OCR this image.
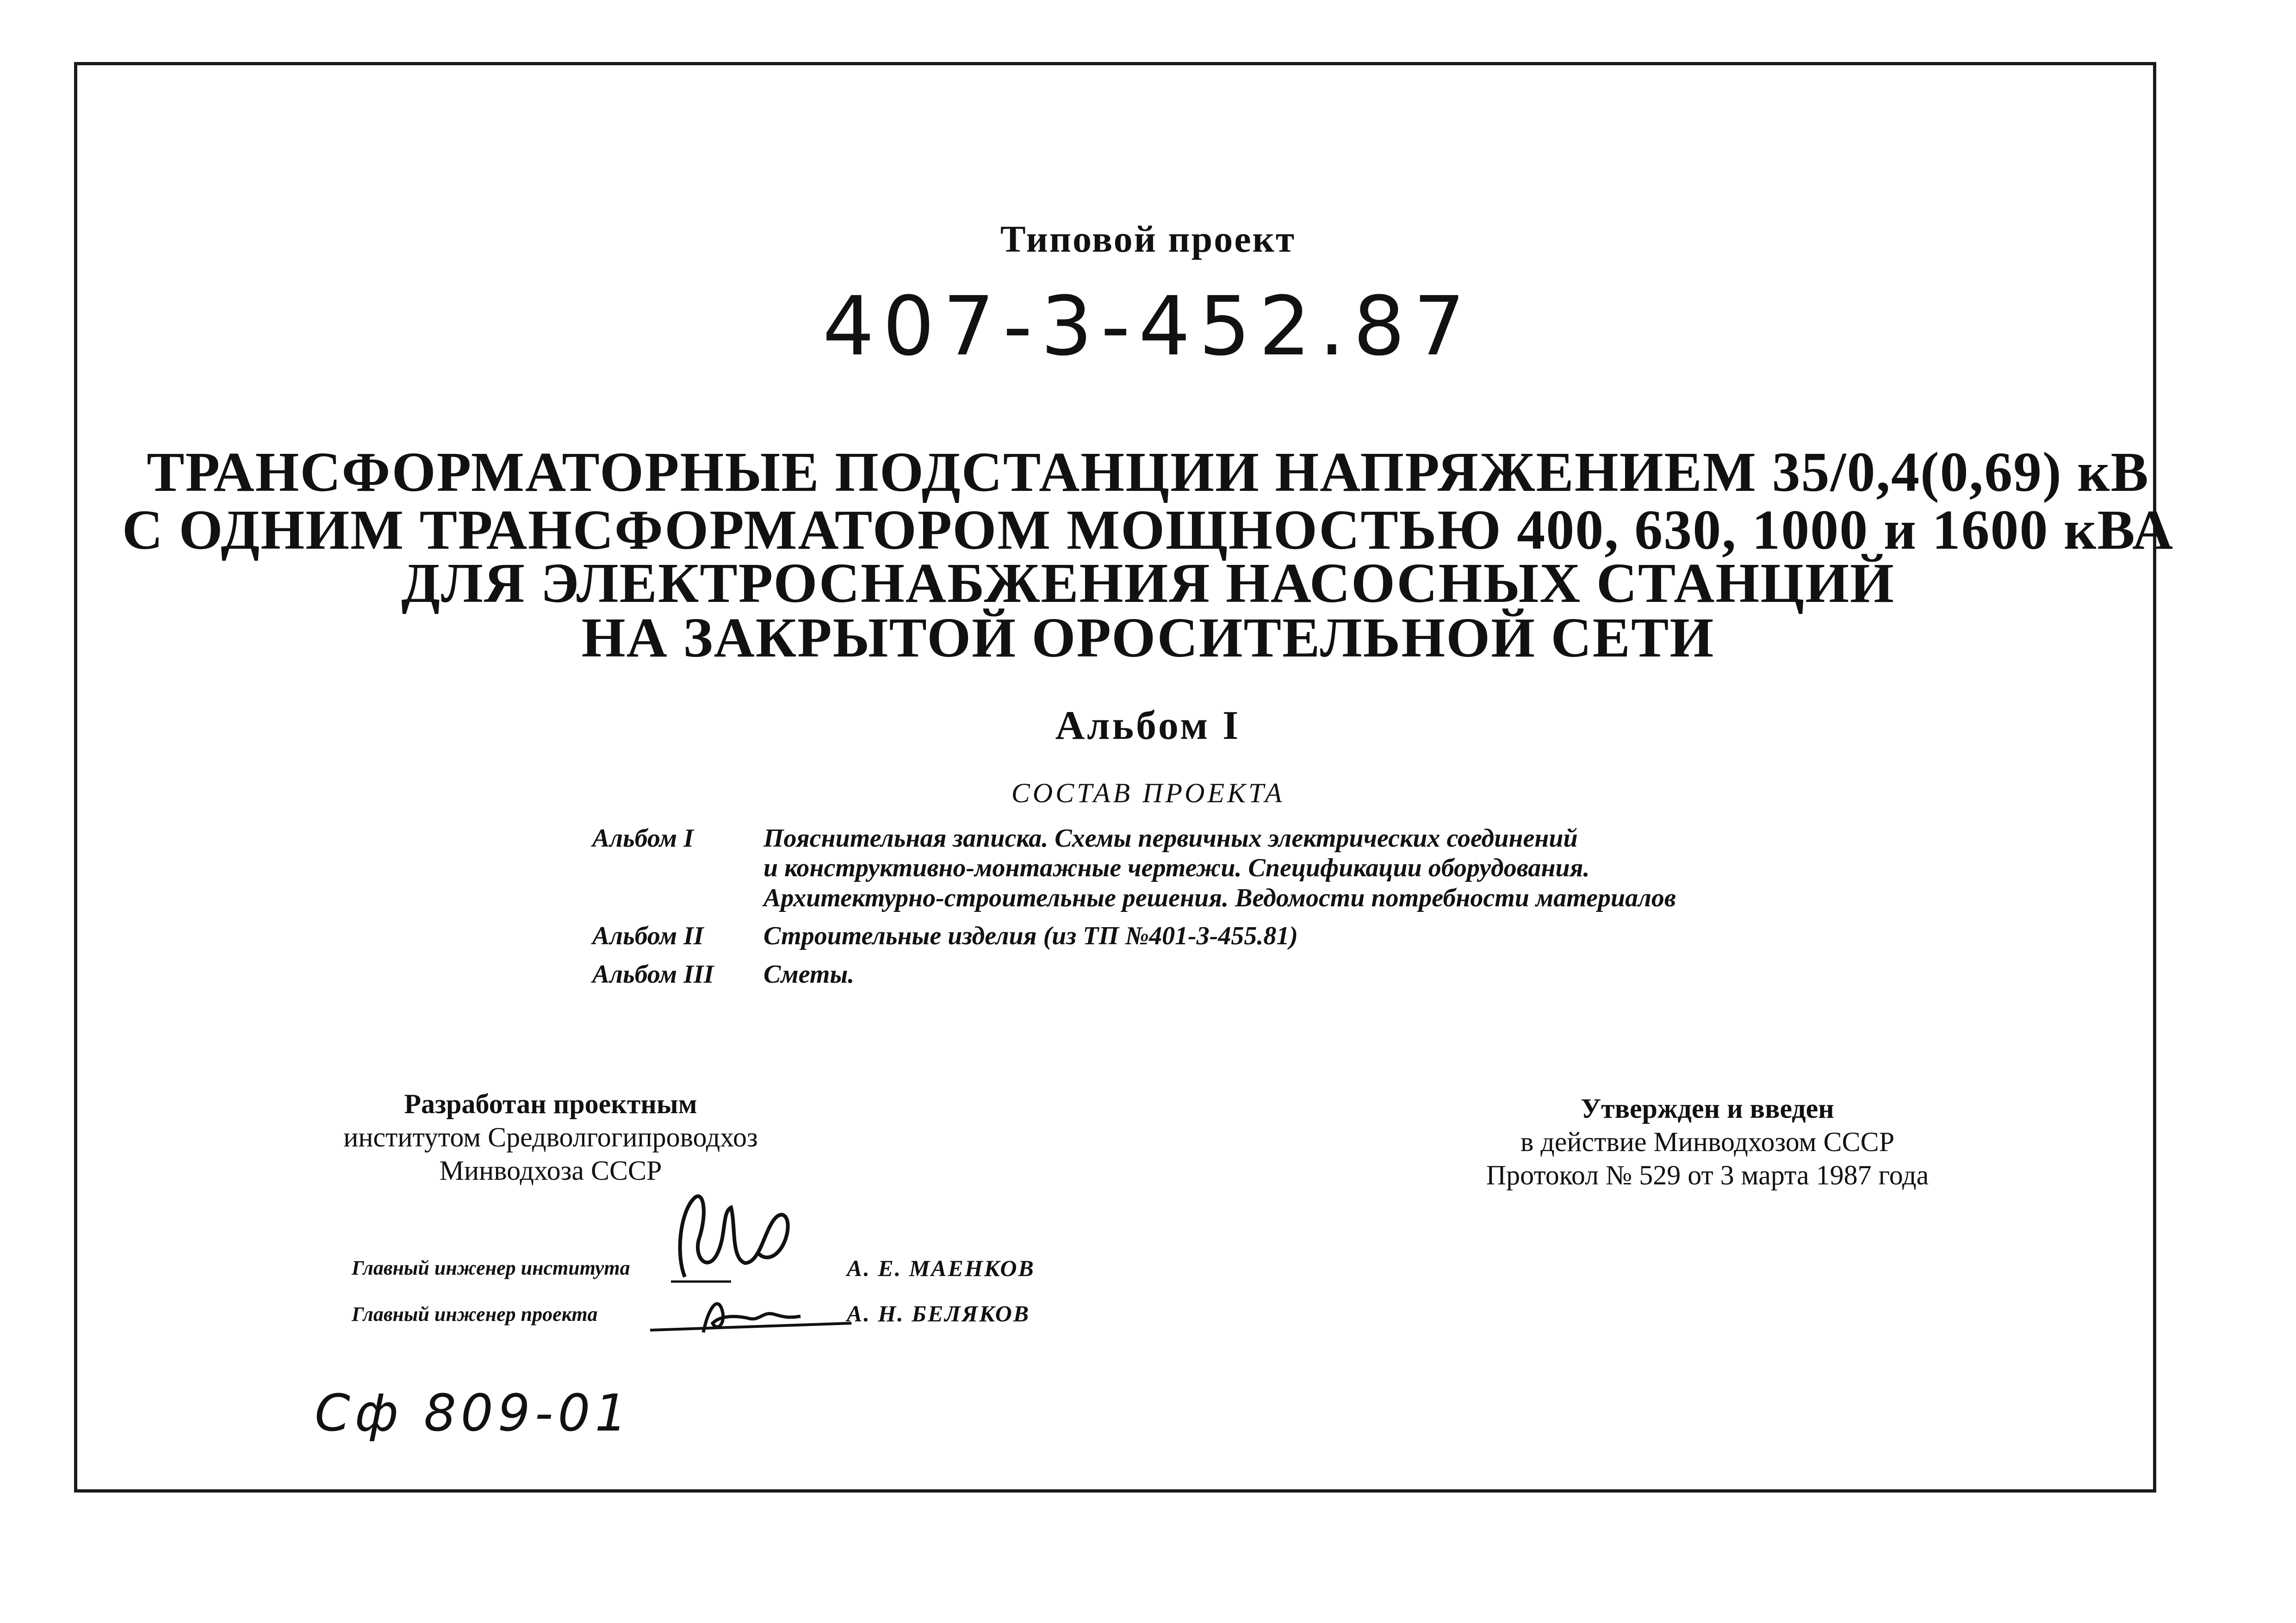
Типовой проект
407-3-452.87
ТРАНСФОРМАТОРНЫЕ ПОДСТАНЦИИ НАПРЯЖЕНИЕМ 35/0,4(0,69) кВ
С ОДНИМ ТРАНСФОРМАТОРОМ МОЩНОСТЬЮ 400, 630, 1000 и 1600 кВА
ДЛЯ ЭЛЕКТРОСНАБЖЕНИЯ НАСОСНЫХ СТАНЦИЙ
НА ЗАКРЫТОЙ ОРОСИТЕЛЬНОЙ СЕТИ
Альбом I
СОСТАВ ПРОЕКТА
Альбом I	Пояснительная записка. Схемы первичных электрических соединений
и конструктивно-монтажные чертежи. Спецификации оборудования.
Архитектурно-строительные решения. Ведомости потребности материалов
Альбом II Строительные изделия (из ТП №401-3-455.81)
Альбом III Сметы.
Разработан проектным
институтом Средволгогипроводхоз
Минводхоза СССР
Утвержден и введен
в действие Минводхозом СССР
Протокол № 529 от 3 марта 1987 года
Главный инженер института	А. Е. МАЕНКОВ
Главный инженер проекта	А. Н. БЕЛЯКОВ
Сф 809-01
